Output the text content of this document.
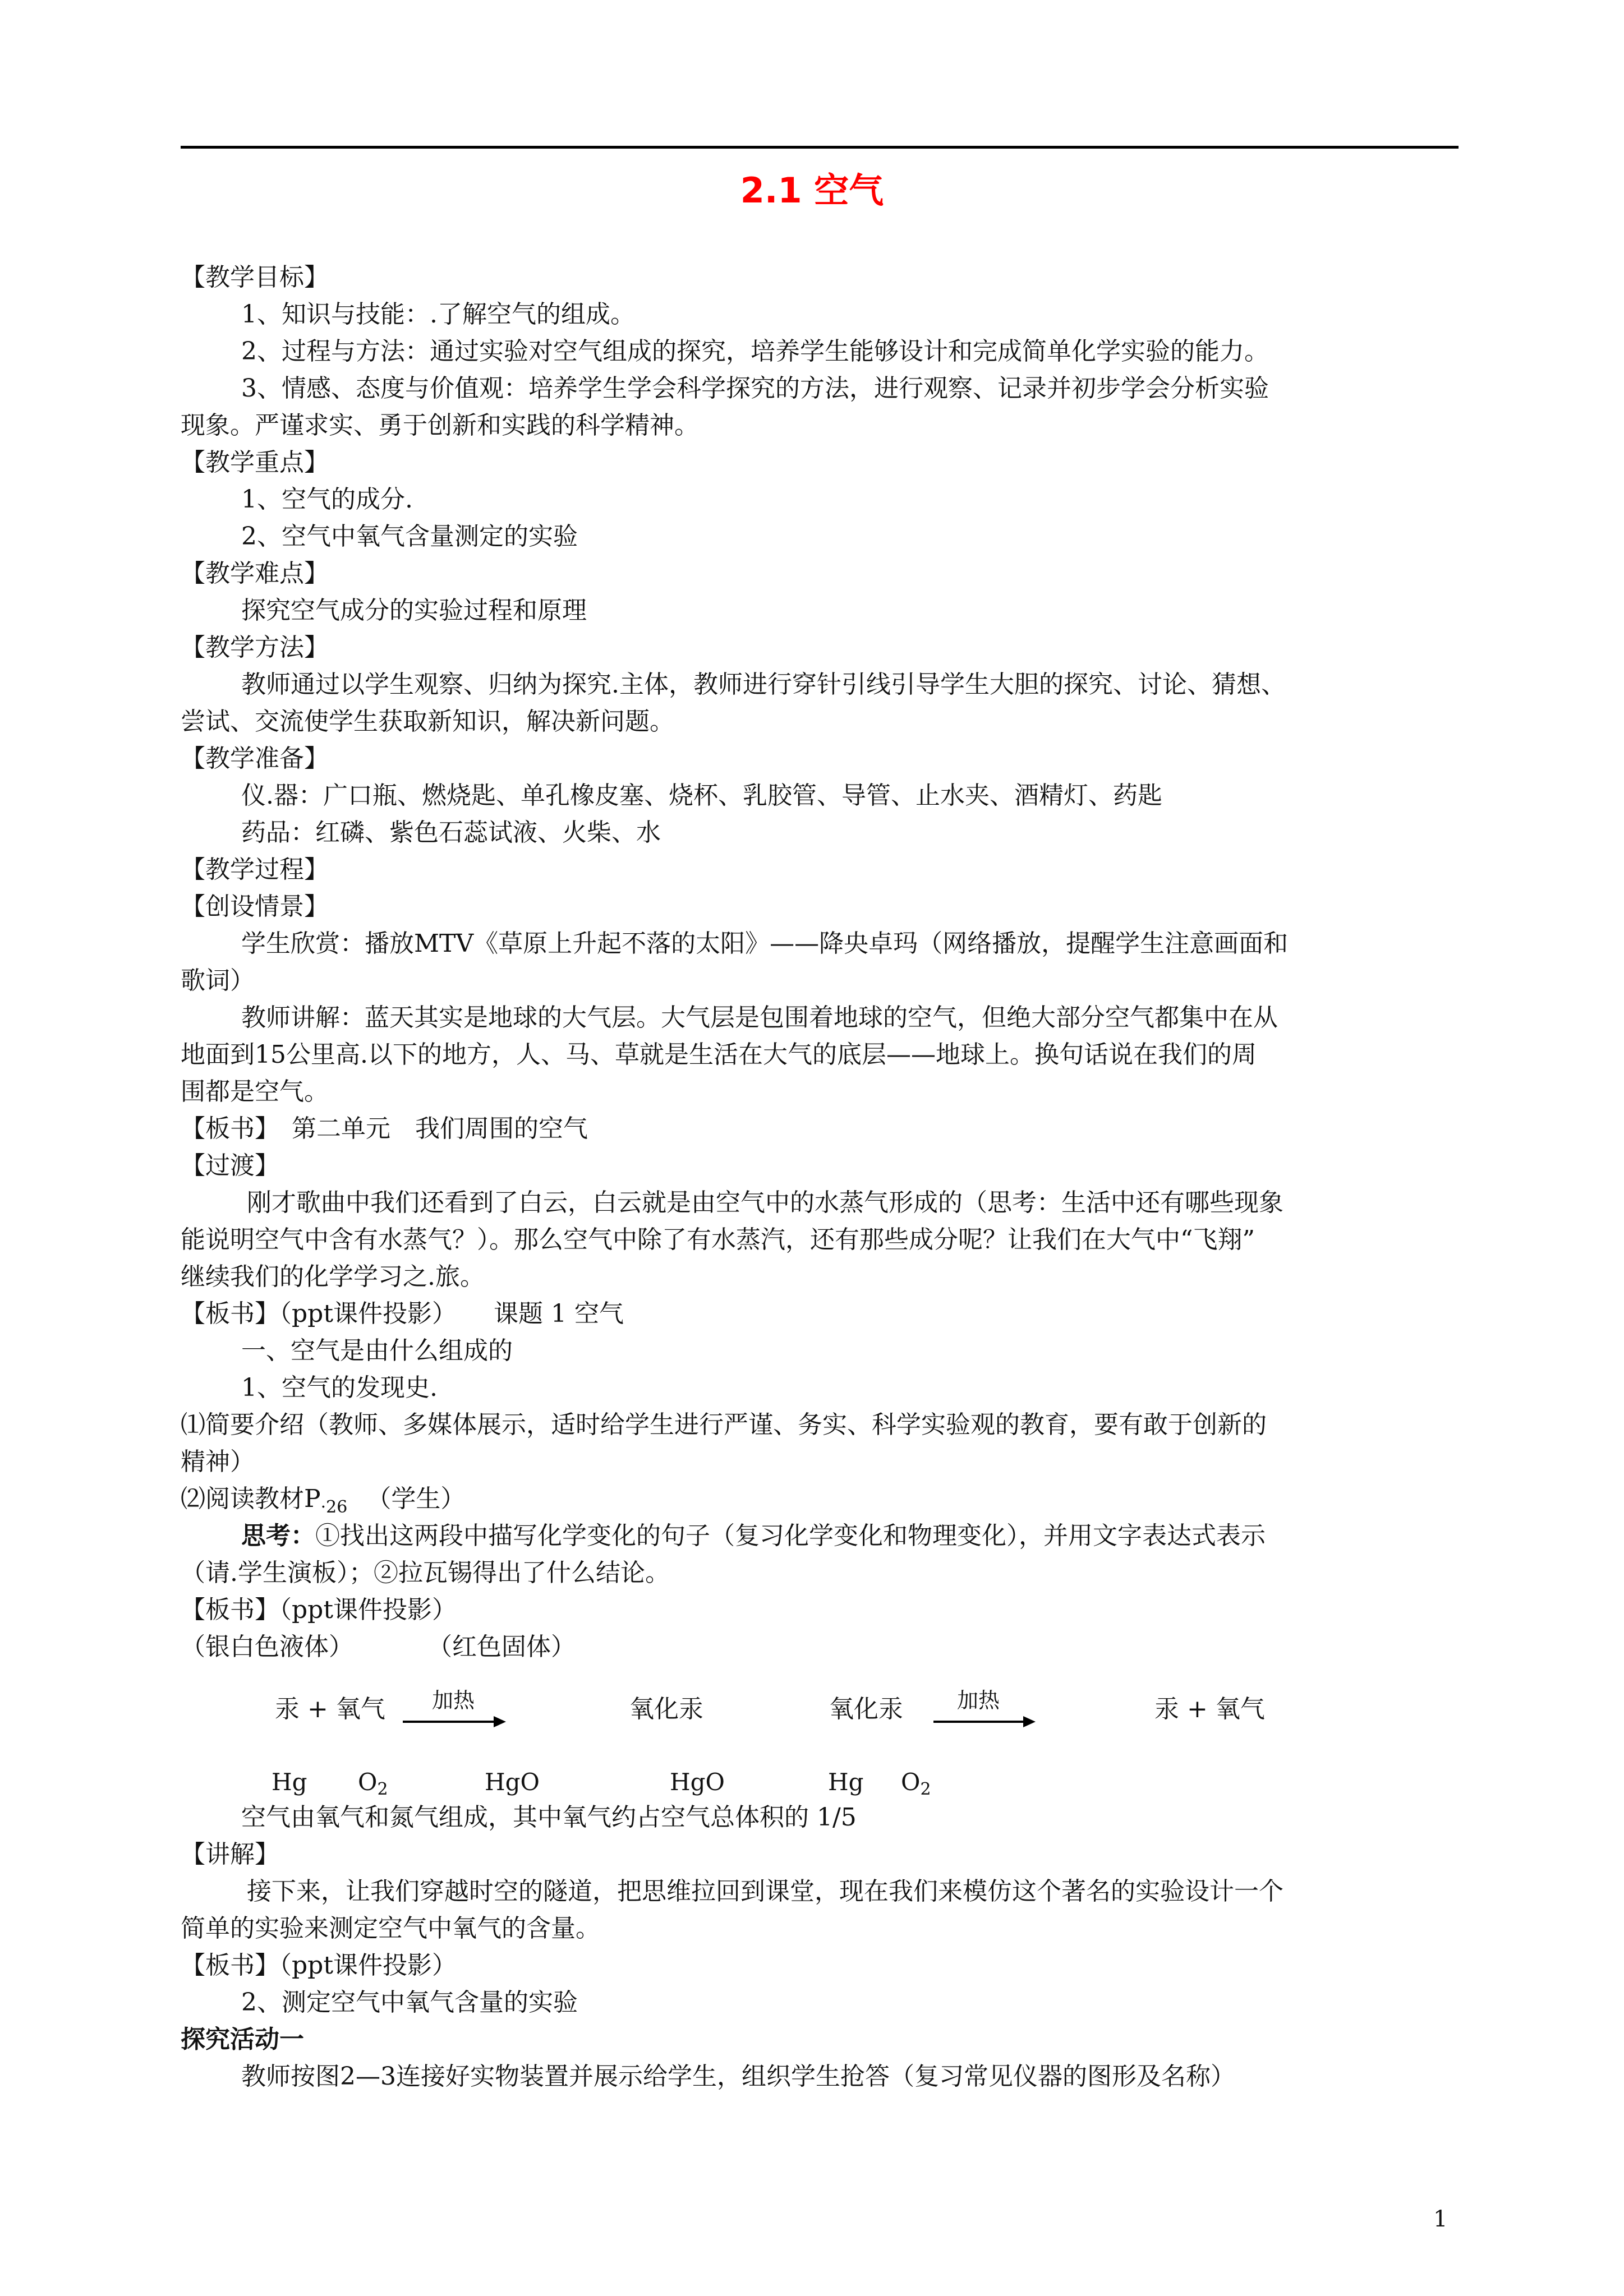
2.1 空气
【教学目标】
1、知识与技能：.了解空气的组成。
2、过程与方法：通过实验对空气组成的探究，培养学生能够设计和完成简单化学实验的能力。
3、情感、态度与价值观：培养学生学会科学探究的方法，进行观察、记录并初步学会分析实验
现象。严谨求实、勇于创新和实践的科学精神。
【教学重点】
1、空气的成分.
2、空气中氧气含量测定的实验
【教学难点】
探究空气成分的实验过程和原理
【教学方法】
教师通过以学生观察、归纳为探究.主体，教师进行穿针引线引导学生大胆的探究、讨论、猜想、
尝试、交流使学生获取新知识，解决新问题。
【教学准备】
仪.器：广口瓶、燃烧匙、单孔橡皮塞、烧杯、乳胶管、导管、止水夹、酒精灯、药匙
药品：红磷、紫色石蕊试液、火柴、水
【教学过程】
【创设情景】
学生欣赏：播放MTV《草原上升起不落的太阳》——降央卓玛（网络播放，提醒学生注意画面和
歌词）
教师讲解：蓝天其实是地球的大气层。大气层是包围着地球的空气，但绝大部分空气都集中在从
地面到15公里高.以下的地方，人、马、草就是生活在大气的底层——地球上。换句话说在我们的周
围都是空气。
【板书】　第二单元　我们周围的空气
【过渡】
刚才歌曲中我们还看到了白云，白云就是由空气中的水蒸气形成的（思考：生活中还有哪些现象
能说明空气中含有水蒸气？）。那么空气中除了有水蒸汽，还有那些成分呢？让我们在大气中“飞翔”
继续我们的化学学习之.旅。
【板书】（ppt课件投影）　　课题 1 空气
一、空气是由什么组成的
1、空气的发现史.
⑴简要介绍（教师、多媒体展示，适时给学生进行严谨、务实、科学实验观的教育，要有敢于创新的
精神）
⑵阅读教材$P_{\cdot 26}$ （学生）
思考：①找出这两段中描写化学变化的句子（复习化学变化和物理变化），并用文字表达式表示
（请.学生演板）；②拉瓦锡得出了什么结论。
【板书】（ppt课件投影）
（银白色液体）　　　　（红色固体）
汞 + 氧气 加热	氧化汞	氧化汞	加热	汞 + 氧气
Hg $O_2$	HgO	HgO	Hg $O_2$
空气由氧气和氮气组成，其中氧气约占空气总体积的 1/5
【讲解】
接下来，让我们穿越时空的隧道，把思维拉回到课堂，现在我们来模仿这个著名的实验设计一个
简单的实验来测定空气中氧气的含量。
【板书】（ppt课件投影）
2、测定空气中氧气含量的实验
探究活动一
教师按图2—3连接好实物装置并展示给学生，组织学生抢答（复习常见仪器的图形及名称）
1
